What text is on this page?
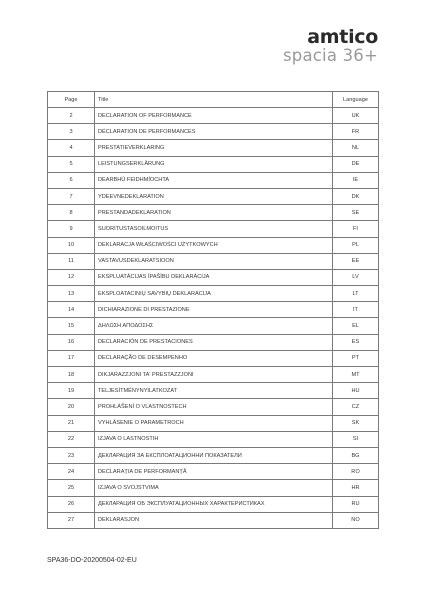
amtico
spacia 36+
Page	Title	Language
2	DECLARATION OF PERFORMANCE	UK
3	DÉCLARATION DE PERFORMANCES	FR
4	PRESTATIEVERKLARING	NL
5	LEISTUNGSERKLÄRUNG	DE
6	DEARBHÚ FEIDHMÍOCHTA	IE
7	YDEEVNEDEKLARATION	DK
8	PRESTANDADEKLARATION	SE
9	SUORITUSTASOILMOITUS	FI
10	DEKLARACJA WŁAŚCIWOŚCI UŻYTKOWYCH	PL
11	VASTAVUSDEKLARATSIOON	EE
12	EKSPLUATĀCIJAS ĪPAŠĪBU DEKLARĀCIJA	LV
13	EKSPLOATACINIŲ SAVYBIŲ DEKLARACIJA	LT
14	DICHIARAZIONE DI PRESTAZIONE	IT
15	ΔΗΛΩΣΗ ΑΠΟΔΟΣΗΣ	EL
16	DECLARACIÓN DE PRESTACIONES	ES
17	DECLARAÇÃO DE DESEMPENHO	PT
18	DIKJARAZZJONI TA' PRESTAZZJONI	MT
19	TELJESÍTMÉNYNYILATKOZAT	HU
20	PROHLÁŠENÍ O VLASTNOSTECH	CZ
21	VYHLÁSENIE O PARAMETROCH	SK
22	IZJAVA O LASTNOSTIH	SI
23	ДЕКЛАРАЦИЯ ЗА ЕКСПЛОАТАЦИОННИ ПОКАЗАТЕЛИ	BG
24	DECLARAȚIA DE PERFORMANȚĂ	RO
25	IZJAVA O SVOJSTVIMA	HR
26	ДЕКЛАРАЦИЯ ОБ ЭКСПЛУАТАЦИОННЫХ ХАРАКТЕРИСТИКАХ	RU
27	DEKLARASJON	NO
SPA36-DO-20200504-02-EU
